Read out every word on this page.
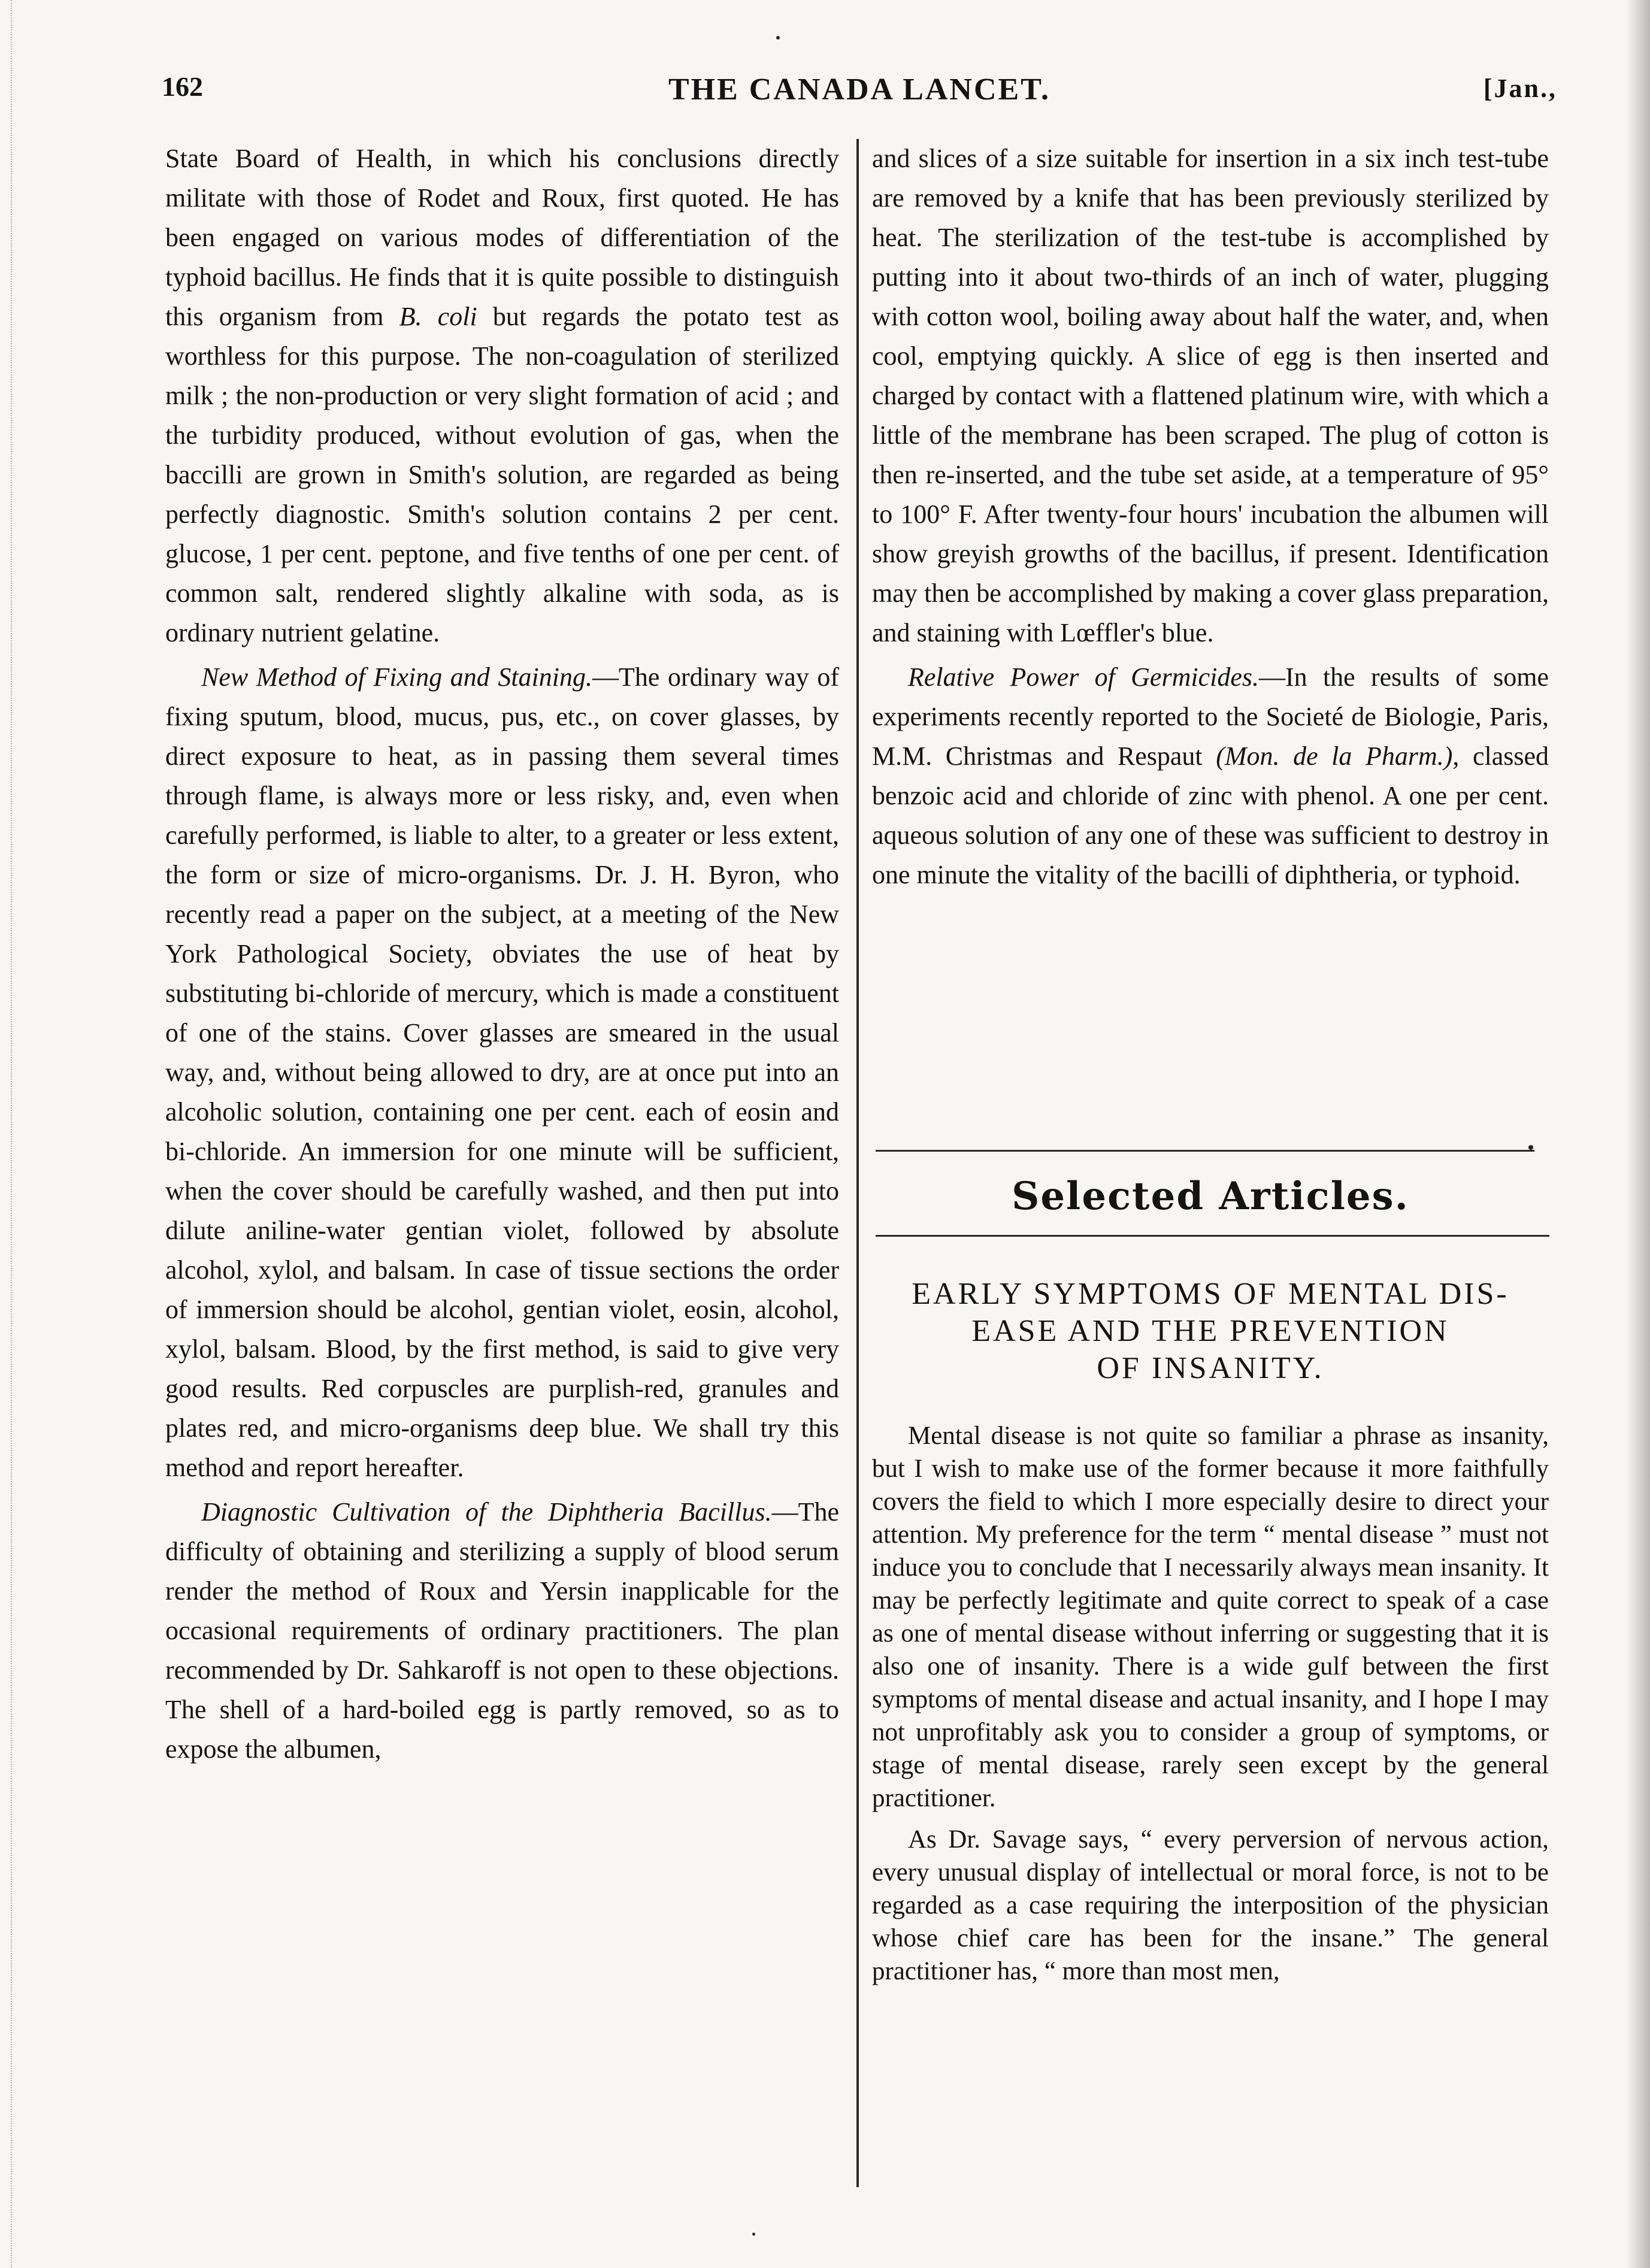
162	THE CANADA LANCET.	[Jan.,

State Board of Health, in which his conclusions directly militate with those of Rodet and Roux, first quoted. He has been engaged on various modes of differentiation of the typhoid bacillus. He finds that it is quite possible to distinguish this organism from B. coli but regards the potato test as worthless for this purpose. The non-coagulation of sterilized milk ; the non-production or very slight formation of acid ; and the turbidity produced, without evolution of gas, when the baccilli are grown in Smith's solution, are regarded as being perfectly diagnostic. Smith's solution contains 2 per cent. glucose, 1 per cent. peptone, and five tenths of one per cent. of common salt, rendered slightly alkaline with soda, as is ordinary nutrient gelatine.

New Method of Fixing and Staining.—The ordinary way of fixing sputum, blood, mucus, pus, etc., on cover glasses, by direct exposure to heat, as in passing them several times through flame, is always more or less risky, and, even when carefully performed, is liable to alter, to a greater or less extent, the form or size of micro-organisms. Dr. J. H. Byron, who recently read a paper on the subject, at a meeting of the New York Pathological Society, obviates the use of heat by substituting bi-chloride of mercury, which is made a constituent of one of the stains. Cover glasses are smeared in the usual way, and, without being allowed to dry, are at once put into an alcoholic solution, containing one per cent. each of eosin and bi-chloride. An immersion for one minute will be sufficient, when the cover should be carefully washed, and then put into dilute aniline-water gentian violet, followed by absolute alcohol, xylol, and balsam. In case of tissue sections the order of immersion should be alcohol, gentian violet, eosin, alcohol, xylol, balsam. Blood, by the first method, is said to give very good results. Red corpuscles are purplish-red, granules and plates red, and micro-organisms deep blue. We shall try this method and report hereafter.

Diagnostic Cultivation of the Diphtheria Bacillus.—The difficulty of obtaining and sterilizing a supply of blood serum render the method of Roux and Yersin inapplicable for the occasional requirements of ordinary practitioners. The plan recommended by Dr. Sahkaroff is not open to these objections. The shell of a hard-boiled egg is partly removed, so as to expose the albumen,

and slices of a size suitable for insertion in a six inch test-tube are removed by a knife that has been previously sterilized by heat. The sterilization of the test-tube is accomplished by putting into it about two-thirds of an inch of water, plugging with cotton wool, boiling away about half the water, and, when cool, emptying quickly. A slice of egg is then inserted and charged by contact with a flattened platinum wire, with which a little of the membrane has been scraped. The plug of cotton is then re-inserted, and the tube set aside, at a temperature of 95° to 100° F. After twenty-four hours' incubation the albumen will show greyish growths of the bacillus, if present. Identification may then be accomplished by making a cover glass preparation, and staining with Lœffler's blue.

Relative Power of Germicides.—In the results of some experiments recently reported to the Societé de Biologie, Paris, M.M. Christmas and Respaut (Mon. de la Pharm.), classed benzoic acid and chloride of zinc with phenol. A one per cent. aqueous solution of any one of these was sufficient to destroy in one minute the vitality of the bacilli of diphtheria, or typhoid.

Selected Articles.
EARLY SYMPTOMS OF MENTAL DIS-
EASE AND THE PREVENTION
OF INSANITY.

Mental disease is not quite so familiar a phrase as insanity, but I wish to make use of the former because it more faithfully covers the field to which I more especially desire to direct your attention. My preference for the term “ mental disease ” must not induce you to conclude that I necessarily always mean insanity. It may be perfectly legitimate and quite correct to speak of a case as one of mental disease without inferring or suggesting that it is also one of insanity. There is a wide gulf between the first symptoms of mental disease and actual insanity, and I hope I may not unprofitably ask you to consider a group of symptoms, or stage of mental disease, rarely seen except by the general practitioner.

As Dr. Savage says, “ every perversion of nervous action, every unusual display of intellectual or moral force, is not to be regarded as a case requiring the interposition of the physician whose chief care has been for the insane.” The general practitioner has, “ more than most men,
